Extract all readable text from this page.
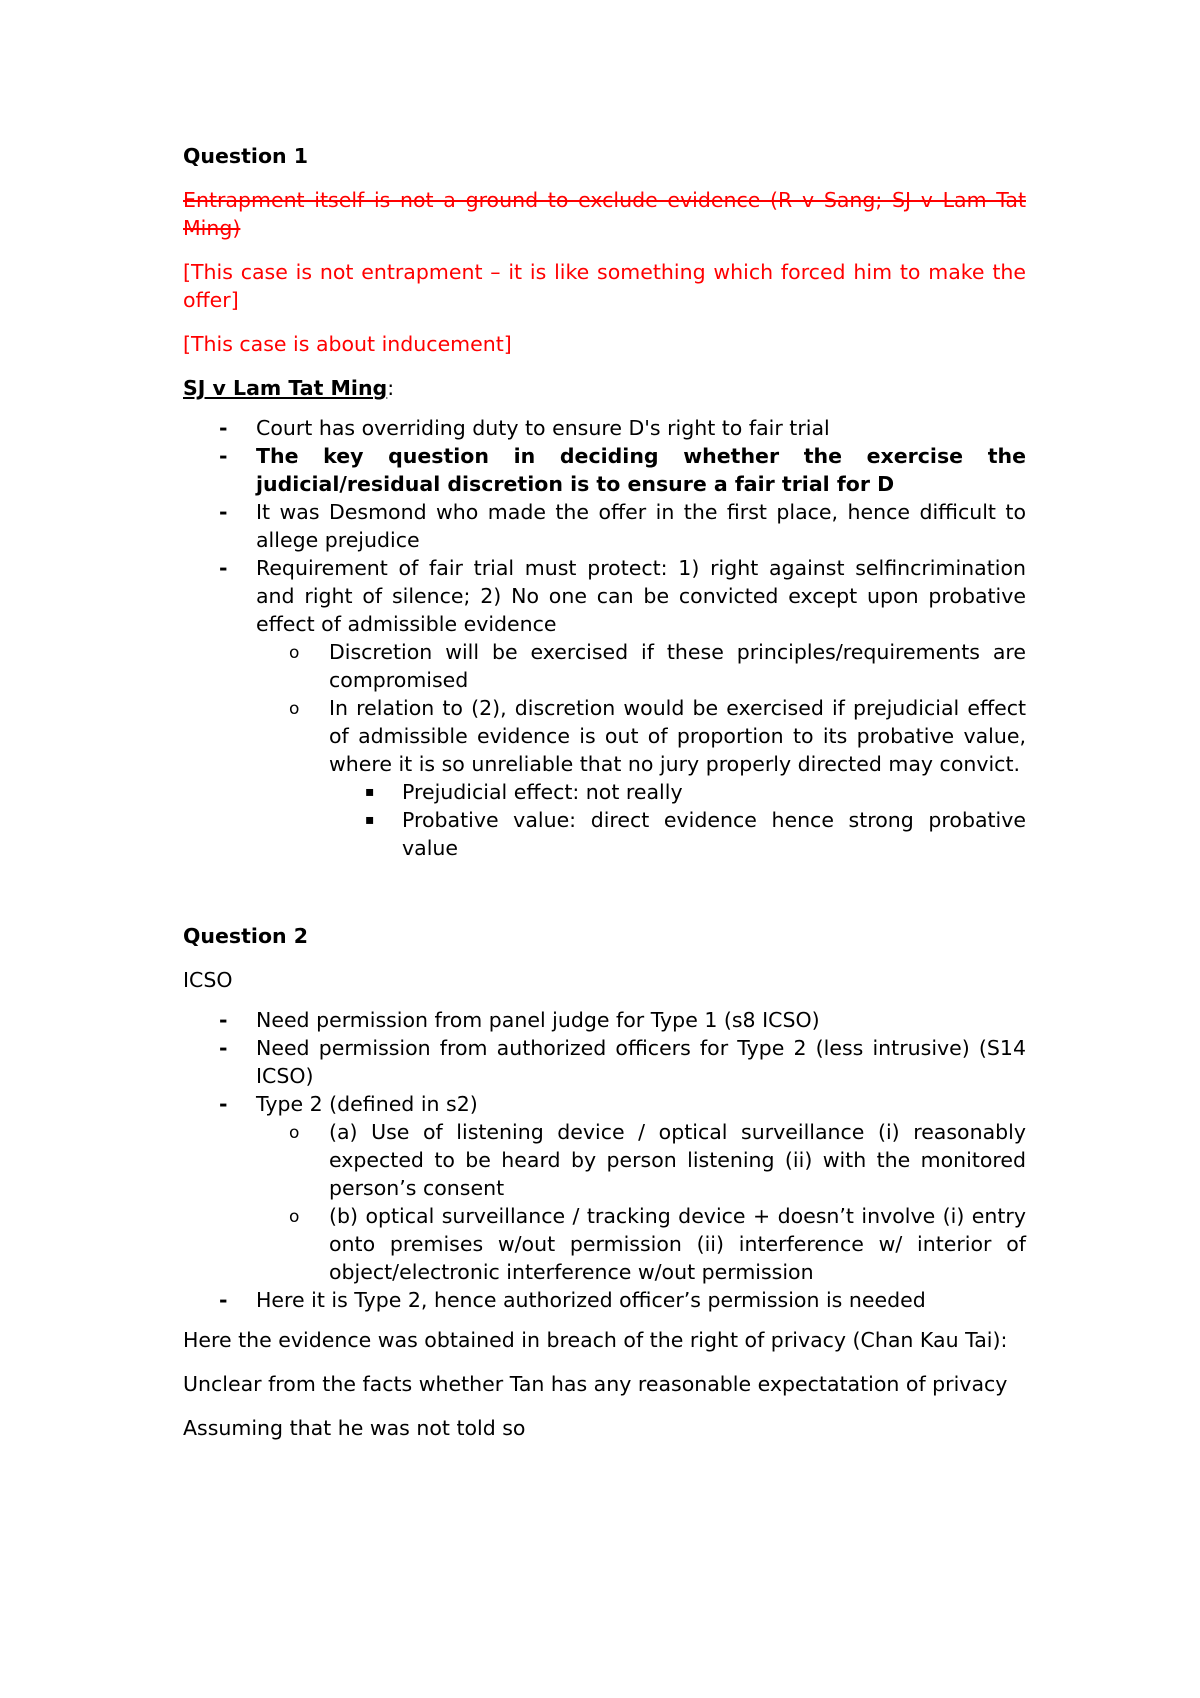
Question 1
Entrapment itself is not a ground to exclude evidence (R v Sang; SJ v Lam Tat Ming)
[This case is not entrapment – it is like something which forced him to make the offer]
[This case is about inducement]
SJ v Lam Tat Ming:
- Court has overriding duty to ensure D's right to fair trial
- The key question in deciding whether the exercise the judicial/residual discretion is to ensure a fair trial for D
- It was Desmond who made the offer in the first place, hence difficult to allege prejudice
- Requirement of fair trial must protect: 1) right against selfincrimination and right of silence; 2) No one can be convicted except upon probative effect of admissible evidence
o Discretion will be exercised if these principles/requirements are compromised
o In relation to (2), discretion would be exercised if prejudicial effect of admissible evidence is out of proportion to its probative value, where it is so unreliable that no jury properly directed may convict.
▪ Prejudicial effect: not really
▪ Probative value: direct evidence hence strong probative value
Question 2
ICSO
- Need permission from panel judge for Type 1 (s8 ICSO)
- Need permission from authorized officers for Type 2 (less intrusive) (S14 ICSO)
- Type 2 (defined in s2)
o (a) Use of listening device / optical surveillance (i) reasonably expected to be heard by person listening (ii) with the monitored person’s consent
o (b) optical surveillance / tracking device + doesn’t involve (i) entry onto premises w/out permission (ii) interference w/ interior of object/electronic interference w/out permission
- Here it is Type 2, hence authorized officer’s permission is needed
Here the evidence was obtained in breach of the right of privacy (Chan Kau Tai):
Unclear from the facts whether Tan has any reasonable expectatation of privacy
Assuming that he was not told so
